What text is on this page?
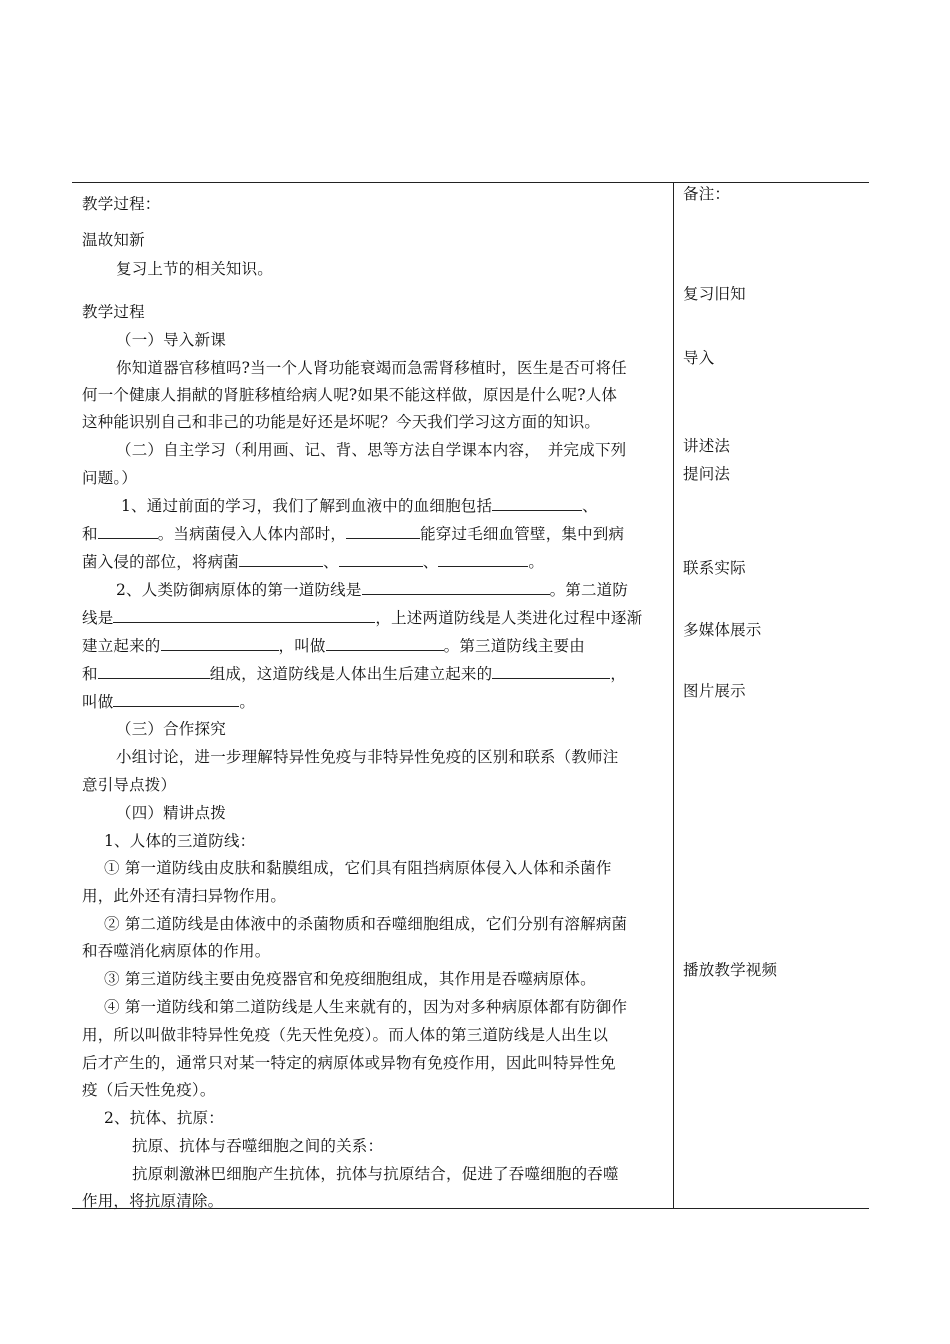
教学过程：
温故知新
复习上节的相关知识。
教学过程
（一）导入新课
你知道器官移植吗?当一个人肾功能衰竭而急需肾移植时，医生是否可将任
何一个健康人捐献的肾脏移植给病人呢?如果不能这样做，原因是什么呢?人体
这种能识别自己和非己的功能是好还是坏呢？今天我们学习这方面的知识。
（二）自主学习（利用画、记、背、思等方法自学课本内容，　并完成下列
问题。）
1、通过前面的学习，我们了解到血液中的血细胞包括	、
和	。当病菌侵入人体内部时，	能穿过毛细血管壁，集中到病
菌入侵的部位，将病菌	、	、	。
2、人类防御病原体的第一道防线是	。第二道防
线是	，上述两道防线是人类进化过程中逐渐
建立起来的	，叫做	。第三道防线主要由
和	组成，这道防线是人体出生后建立起来的	，
叫做	。
（三）合作探究
小组讨论，进一步理解特异性免疫与非特异性免疫的区别和联系（教师注
意引导点拨）
（四）精讲点拨
1、人体的三道防线：
① 第一道防线由皮肤和黏膜组成，它们具有阻挡病原体侵入人体和杀菌作
用，此外还有清扫异物作用。
② 第二道防线是由体液中的杀菌物质和吞噬细胞组成，它们分别有溶解病菌
和吞噬消化病原体的作用。
③ 第三道防线主要由免疫器官和免疫细胞组成，其作用是吞噬病原体。
④ 第一道防线和第二道防线是人生来就有的，因为对多种病原体都有防御作
用，所以叫做非特异性免疫（先天性免疫）。而人体的第三道防线是人出生以
后才产生的，通常只对某一特定的病原体或异物有免疫作用，因此叫特异性免
疫（后天性免疫）。
2、抗体、抗原：
抗原、抗体与吞噬细胞之间的关系：
抗原刺激淋巴细胞产生抗体，抗体与抗原结合，促进了吞噬细胞的吞噬
作用，将抗原清除。
备注：
复习旧知
导入
讲述法
提问法
联系实际
多媒体展示
图片展示
播放教学视频
